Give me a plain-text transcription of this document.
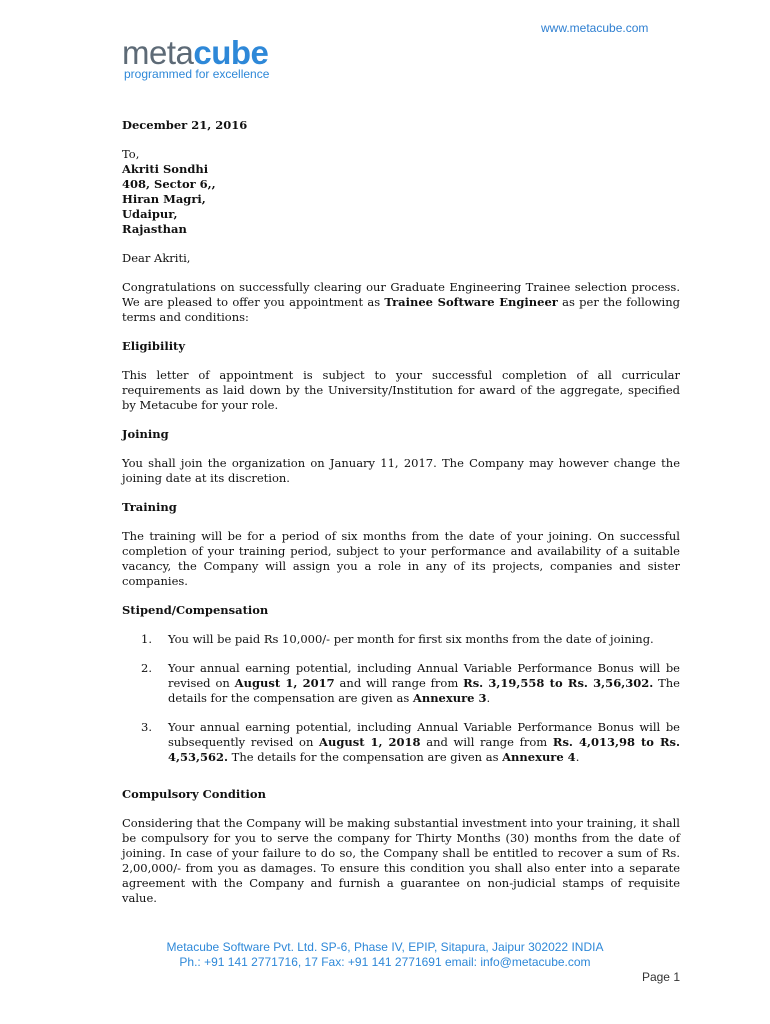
www.metacube.com
metacube
programmed for excellence

December 21, 2016

To,

Akriti Sondhi

408, Sector 6,,

Hiran Magri,

Udaipur,

Rajasthan

Dear Akriti,

Congratulations on successfully clearing our Graduate Engineering Trainee selection process. We are pleased to offer you appointment as Trainee Software Engineer as per the following terms and conditions:

Eligibility

This letter of appointment is subject to your successful completion of all curricular requirements as laid down by the University/Institution for award of the aggregate, specified by Metacube for your role.

Joining

You shall join the organization on January 11, 2017. The Company may however change the joining date at its discretion.

Training

The training will be for a period of six months from the date of your joining. On successful completion of your training period, subject to your performance and availability of a suitable vacancy, the Company will assign you a role in any of its projects, companies and sister companies.

Stipend/Compensation

1. You will be paid Rs 10,000/- per month for first six months from the date of joining.
2. Your annual earning potential, including Annual Variable Performance Bonus will be revised on August 1, 2017 and will range from Rs. 3,19,558 to Rs. 3,56,302. The details for the compensation are given as Annexure 3.
3. Your annual earning potential, including Annual Variable Performance Bonus will be subsequently revised on August 1, 2018 and will range from Rs. 4,013,98 to Rs. 4,53,562. The details for the compensation are given as Annexure 4.

Compulsory Condition

Considering that the Company will be making substantial investment into your training, it shall be compulsory for you to serve the company for Thirty Months (30) months from the date of joining. In case of your failure to do so, the Company shall be entitled to recover a sum of Rs. 2,00,000/- from you as damages. To ensure this condition you shall also enter into a separate agreement with the Company and furnish a guarantee on non-judicial stamps of requisite value.

Metacube Software Pvt. Ltd. SP-6, Phase IV, EPIP, Sitapura, Jaipur 302022 INDIA
Ph.: +91 141 2771716, 17 Fax: +91 141 2771691 email: info@metacube.com
Page 1
